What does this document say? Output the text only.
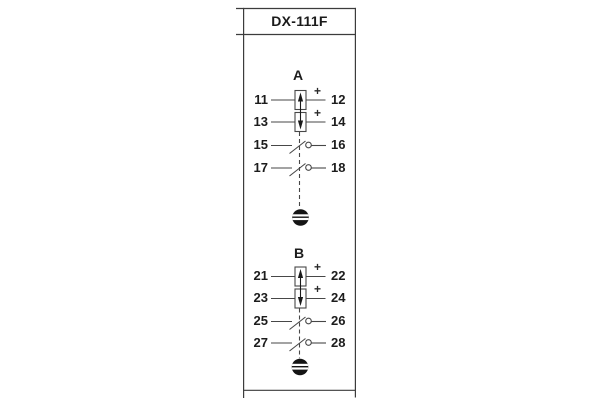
DX-111F
A
B
11	12
+
13	14
+
15	16
17	18
21	22
+
23	24
+
25	26
27	28
